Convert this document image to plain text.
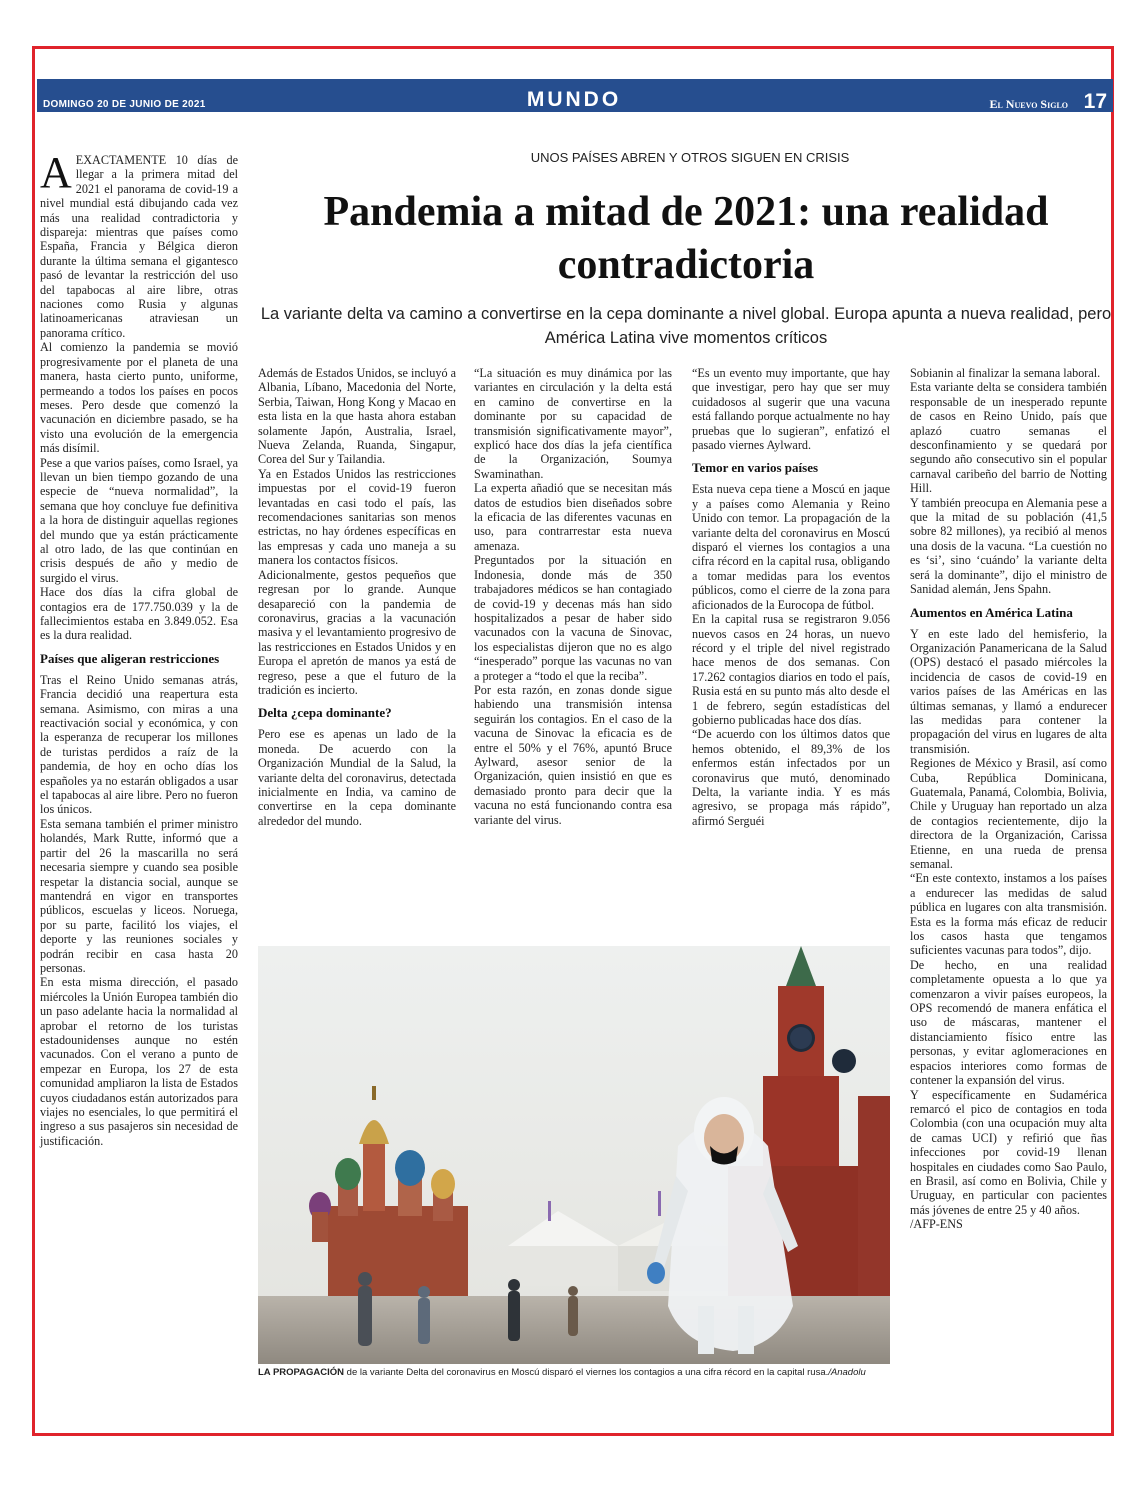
DOMINGO 20 DE JUNIO DE 2021	MUNDO	El Nuevo Siglo 17
UNOS PAÍSES ABREN Y OTROS SIGUEN EN CRISIS
Pandemia a mitad de 2021: una realidad contradictoria
La variante delta va camino a convertirse en la cepa dominante a nivel global. Europa apunta a nueva realidad, pero América Latina vive momentos críticos

AEXACTAMENTE 10 días de llegar a la primera mitad del 2021 el panorama de covid-19 a nivel mundial está dibujando cada vez más una realidad contradictoria y dispareja: mientras que países como España, Francia y Bélgica dieron durante la última semana el gigantesco pasó de levantar la restricción del uso del tapabocas al aire libre, otras naciones como Rusia y algunas latinoamericanas atraviesan un panorama crítico.

Al comienzo la pandemia se movió progresivamente por el planeta de una manera, hasta cierto punto, uniforme, permeando a todos los países en pocos meses. Pero desde que comenzó la vacunación en diciembre pasado, se ha visto una evolución de la emergencia más disímil.

Pese a que varios países, como Israel, ya llevan un bien tiempo gozando de una especie de “nueva normalidad”, la semana que hoy concluye fue definitiva a la hora de distinguir aquellas regiones del mundo que ya están prácticamente al otro lado, de las que continúan en crisis después de año y medio de surgido el virus.

Hace dos días la cifra global de contagios era de 177.750.039 y la de fallecimientos estaba en 3.849.052. Esa es la dura realidad.

Países que aligeran restricciones

Tras el Reino Unido semanas atrás, Francia decidió una reapertura esta semana. Asimismo, con miras a una reactivación social y económica, y con la esperanza de recuperar los millones de turistas perdidos a raíz de la pandemia, de hoy en ocho días los españoles ya no estarán obligados a usar el tapabocas al aire libre. Pero no fueron los únicos.

Esta semana también el primer ministro holandés, Mark Rutte, informó que a partir del 26 la mascarilla no será necesaria siempre y cuando sea posible respetar la distancia social, aunque se mantendrá en vigor en transportes públicos, escuelas y liceos. Noruega, por su parte, facilitó los viajes, el deporte y las reuniones sociales y podrán recibir en casa hasta 20 personas.

En esta misma dirección, el pasado miércoles la Unión Europea también dio un paso adelante hacia la normalidad al aprobar el retorno de los turistas estadounidenses aunque no estén vacunados. Con el verano a punto de empezar en Europa, los 27 de esta comunidad ampliaron la lista de Estados cuyos ciudadanos están autorizados para viajes no esenciales, lo que permitirá el ingreso a sus pasajeros sin necesidad de justificación.

Además de Estados Unidos, se incluyó a Albania, Líbano, Macedonia del Norte, Serbia, Taiwan, Hong Kong y Macao en esta lista en la que hasta ahora estaban solamente Japón, Australia, Israel, Nueva Zelanda, Ruanda, Singapur, Corea del Sur y Tailandia.

Ya en Estados Unidos las restricciones impuestas por el covid-19 fueron levantadas en casi todo el país, las recomendaciones sanitarias son menos estrictas, no hay órdenes específicas en las empresas y cada uno maneja a su manera los contactos físicos.

Adicionalmente, gestos pequeños que regresan por lo grande. Aunque desapareció con la pandemia de coronavirus, gracias a la vacunación masiva y el levantamiento progresivo de las restricciones en Estados Unidos y en Europa el apretón de manos ya está de regreso, pese a que el futuro de la tradición es incierto.

Delta ¿cepa dominante?

Pero ese es apenas un lado de la moneda. De acuerdo con la Organización Mundial de la Salud, la variante delta del coronavirus, detectada inicialmente en India, va camino de convertirse en la cepa dominante alrededor del mundo.

“La situación es muy dinámica por las variantes en circulación y la delta está en camino de convertirse en la dominante por su capacidad de transmisión significativamente mayor”, explicó hace dos días la jefa científica de la Organización, Soumya Swaminathan.

La experta añadió que se necesitan más datos de estudios bien diseñados sobre la eficacia de las diferentes vacunas en uso, para contrarrestar esta nueva amenaza.

Preguntados por la situación en Indonesia, donde más de 350 trabajadores médicos se han contagiado de covid-19 y decenas más han sido hospitalizados a pesar de haber sido vacunados con la vacuna de Sinovac, los especialistas dijeron que no es algo “inesperado” porque las vacunas no van a proteger a “todo el que la reciba”.

Por esta razón, en zonas donde sigue habiendo una transmisión intensa seguirán los contagios. En el caso de la vacuna de Sinovac la eficacia es de entre el 50% y el 76%, apuntó Bruce Aylward, asesor senior de la Organización, quien insistió en que es demasiado pronto para decir que la vacuna no está funcionando contra esa variante del virus.

“Es un evento muy importante, que hay que investigar, pero hay que ser muy cuidadosos al sugerir que una vacuna está fallando porque actualmente no hay pruebas que lo sugieran”, enfatizó el pasado viernes Aylward.

Temor en varios países

Esta nueva cepa tiene a Moscú en jaque y a países como Alemania y Reino Unido con temor. La propagación de la variante delta del coronavirus en Moscú disparó el viernes los contagios a una cifra récord en la capital rusa, obligando a tomar medidas para los eventos públicos, como el cierre de la zona para aficionados de la Eurocopa de fútbol.

En la capital rusa se registraron 9.056 nuevos casos en 24 horas, un nuevo récord y el triple del nivel registrado hace menos de dos semanas. Con 17.262 contagios diarios en todo el país, Rusia está en su punto más alto desde el 1 de febrero, según estadísticas del gobierno publicadas hace dos días.

“De acuerdo con los últimos datos que hemos obtenido, el 89,3% de los enfermos están infectados por un coronavirus que mutó, denominado Delta, la variante india. Y es más agresivo, se propaga más rápido”, afirmó Serguéi

Sobianin al finalizar la semana laboral.

Esta variante delta se considera también responsable de un inesperado repunte de casos en Reino Unido, país que aplazó cuatro semanas el desconfinamiento y se quedará por segundo año consecutivo sin el popular carnaval caribeño del barrio de Notting Hill.

Y también preocupa en Alemania pese a que la mitad de su población (41,5 sobre 82 millones), ya recibió al menos una dosis de la vacuna. “La cuestión no es ‘si’, sino ‘cuándo’ la variante delta será la dominante”, dijo el ministro de Sanidad alemán, Jens Spahn.

Aumentos en América Latina

Y en este lado del hemisferio, la Organización Panamericana de la Salud (OPS) destacó el pasado miércoles la incidencia de casos de covid-19 en varios países de las Américas en las últimas semanas, y llamó a endurecer las medidas para contener la propagación del virus en lugares de alta transmisión.

Regiones de México y Brasil, así como Cuba, República Dominicana, Guatemala, Panamá, Colombia, Bolivia, Chile y Uruguay han reportado un alza de contagios recientemente, dijo la directora de la Organización, Carissa Etienne, en una rueda de prensa semanal.

“En este contexto, instamos a los países a endurecer las medidas de salud pública en lugares con alta transmisión. Esta es la forma más eficaz de reducir los casos hasta que tengamos suficientes vacunas para todos”, dijo.

De hecho, en una realidad completamente opuesta a lo que ya comenzaron a vivir países europeos, la OPS recomendó de manera enfática el uso de máscaras, mantener el distanciamiento físico entre las personas, y evitar aglomeraciones en espacios interiores como formas de contener la expansión del virus.

Y específicamente en Sudamérica remarcó el pico de contagios en toda Colombia (con una ocupación muy alta de camas UCI) y refirió que ñas infecciones por covid-19 llenan hospitales en ciudades como Sao Paulo, en Brasil, así como en Bolivia, Chile y Uruguay, en particular con pacientes más jóvenes de entre 25 y 40 años.

/AFP-ENS

LA PROPAGACIÓN de la variante Delta del coronavirus en Moscú disparó el viernes los contagios a una cifra récord en la capital rusa./Anadolu
